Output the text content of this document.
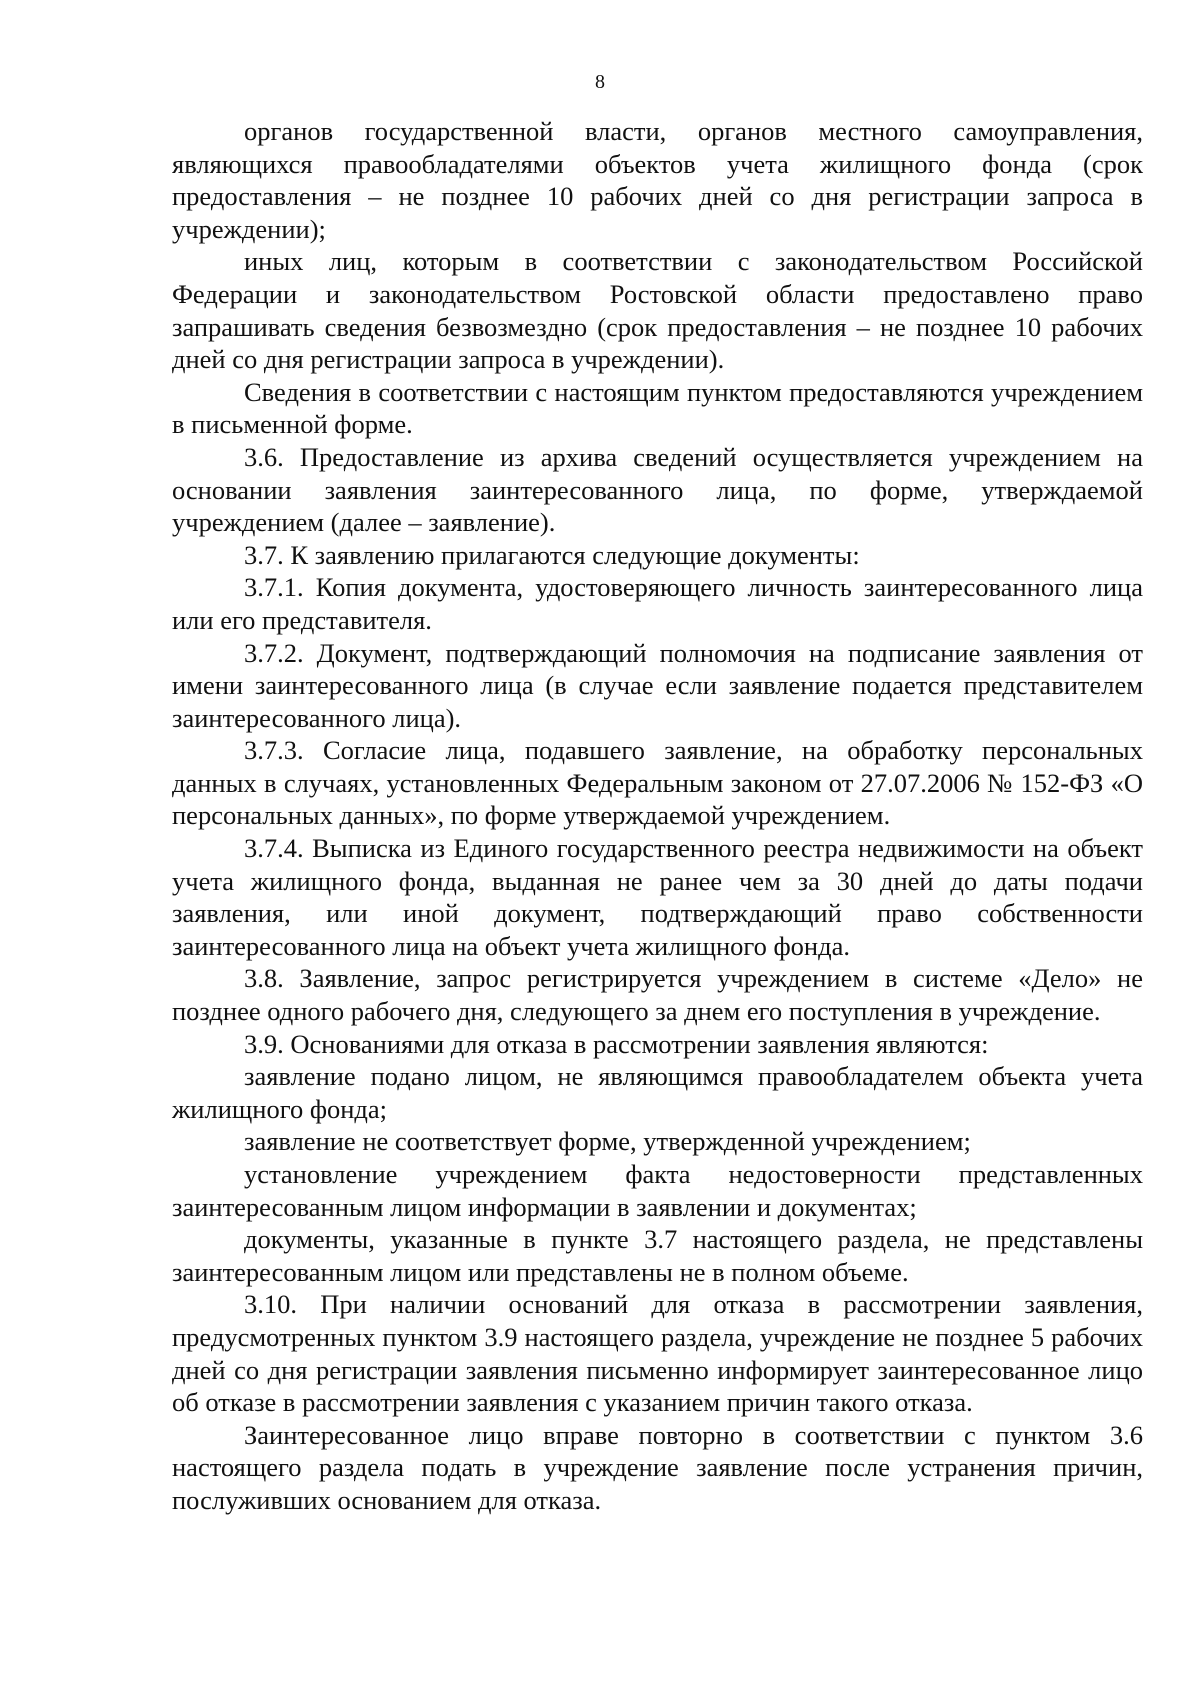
8

органов государственной власти, органов местного самоуправления, являющихся правообладателями объектов учета жилищного фонда (срок предоставления – не позднее 10 рабочих дней со дня регистрации запроса в учреждении);

иных лиц, которым в соответствии с законодательством Российской Федерации и законодательством Ростовской области предоставлено право запрашивать сведения безвозмездно (срок предоставления – не позднее 10 рабочих дней со дня регистрации запроса в учреждении).

Сведения в соответствии с настоящим пунктом предоставляются учреждением в письменной форме.

3.6. Предоставление из архива сведений осуществляется учреждением на основании заявления заинтересованного лица, по форме, утверждаемой учреждением (далее – заявление).

3.7. К заявлению прилагаются следующие документы:

3.7.1. Копия документа, удостоверяющего личность заинтересованного лица или его представителя.

3.7.2. Документ, подтверждающий полномочия на подписание заявления от имени заинтересованного лица (в случае если заявление подается представителем заинтересованного лица).

3.7.3. Согласие лица, подавшего заявление, на обработку персональных данных в случаях, установленных Федеральным законом от 27.07.2006 № 152-ФЗ «О персональных данных», по форме утверждаемой учреждением.

3.7.4. Выписка из Единого государственного реестра недвижимости на объект учета жилищного фонда, выданная не ранее чем за 30 дней до даты подачи заявления, или иной документ, подтверждающий право собственности заинтересованного лица на объект учета жилищного фонда.

3.8. Заявление, запрос регистрируется учреждением в системе «Дело» не позднее одного рабочего дня, следующего за днем его поступления в учреждение.

3.9. Основаниями для отказа в рассмотрении заявления являются:

заявление подано лицом, не являющимся правообладателем объекта учета жилищного фонда;

заявление не соответствует форме, утвержденной учреждением;

установление учреждением факта недостоверности представленных заинтересованным лицом информации в заявлении и документах;

документы, указанные в пункте 3.7 настоящего раздела, не представлены заинтересованным лицом или представлены не в полном объеме.

3.10. При наличии оснований для отказа в рассмотрении заявления, предусмотренных пунктом 3.9 настоящего раздела, учреждение не позднее 5 рабочих дней со дня регистрации заявления письменно информирует заинтересованное лицо об отказе в рассмотрении заявления с указанием причин такого отказа.

Заинтересованное лицо вправе повторно в соответствии с пунктом 3.6 настоящего раздела подать в учреждение заявление после устранения причин, послуживших основанием для отказа.
